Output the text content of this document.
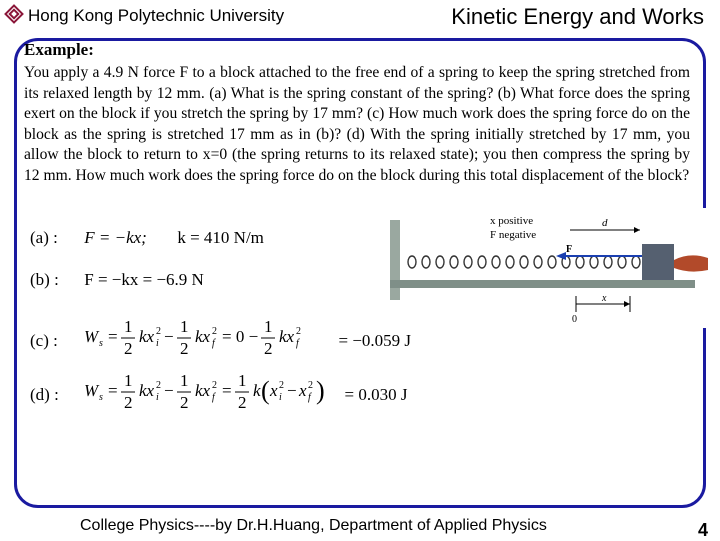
Hong Kong Polytechnic University	Kinetic Energy and Works
Example:
You apply a 4.9 N force F to a block attached to the free end of a spring to keep the spring stretched from its relaxed length by 12 mm. (a) What is the spring constant of the spring? (b) What force does the spring exert on the block if you stretch the spring by 17 mm? (c) How much work does the spring force do on the block as the spring is stretched 17 mm as in (b)? (d) With the spring initially stretched by 17 mm, you allow the block to return to x=0 (the spring returns to its relaxed state); you then compress the spring by 12 mm. How much work does the spring force do on the block during this total displacement of the block?
(a) : F = −kx; k = 410 N/m
(b) : F = −kx = −6.9 N
(c) : W s =
1
2
kx 2
i −
1
2
kx 2
f = 0 −
1
2
kx 2
f = −0.059 J
(d) : W s =
1
2
kx 2
i −
1
2
kx 2
f =
1
2
k ( x 2
i − x 2
f ) = 0.030 J
F
d
x positive
F negative
x
0
College Physics----by Dr.H.Huang, Department of Applied Physics	4
